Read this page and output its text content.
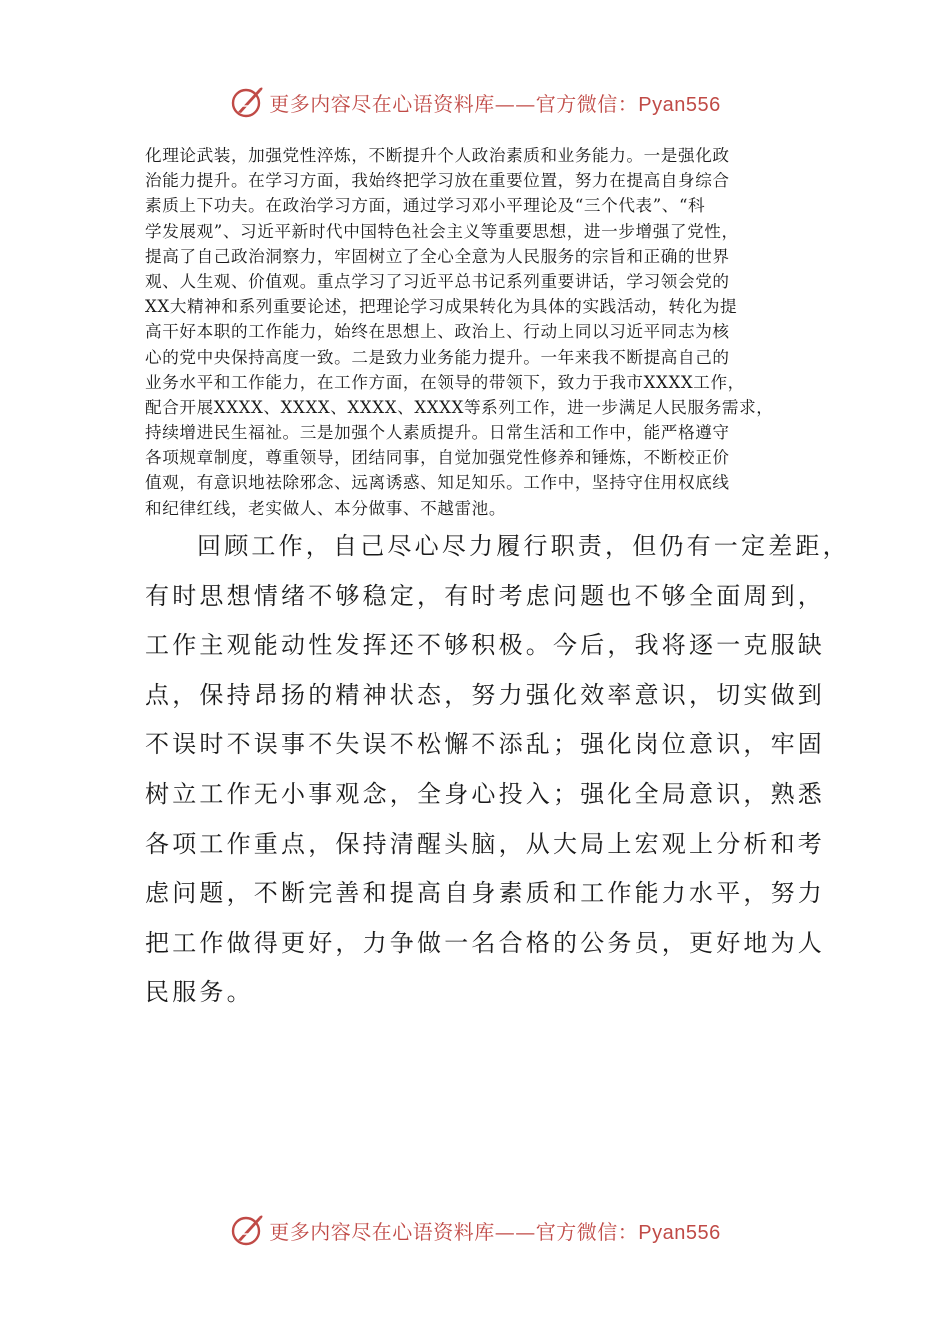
更多内容尽在心语资料库——官方微信：Pyan556
化理论武装，加强党性淬炼，不断提升个人政治素质和业务能力。一是强化政
治能力提升。在学习方面，我始终把学习放在重要位置，努力在提高自身综合
素质上下功夫。在政治学习方面，通过学习邓小平理论及“三个代表”、“科
学发展观”、习近平新时代中国特色社会主义等重要思想，进一步增强了党性，
提高了自己政治洞察力，牢固树立了全心全意为人民服务的宗旨和正确的世界
观、人生观、价值观。重点学习了习近平总书记系列重要讲话，学习领会党的
XX大精神和系列重要论述，把理论学习成果转化为具体的实践活动，转化为提
高干好本职的工作能力，始终在思想上、政治上、行动上同以习近平同志为核
心的党中央保持高度一致。二是致力业务能力提升。一年来我不断提高自己的
业务水平和工作能力，在工作方面，在领导的带领下，致力于我市XXXX工作，
配合开展XXXX、XXXX、XXXX、XXXX等系列工作，进一步满足人民服务需求，
持续增进民生福祉。三是加强个人素质提升。日常生活和工作中，能严格遵守
各项规章制度，尊重领导，团结同事，自觉加强党性修养和锤炼，不断校正价
值观，有意识地祛除邪念、远离诱惑、知足知乐。工作中，坚持守住用权底线
和纪律红线，老实做人、本分做事、不越雷池。
回顾工作，自己尽心尽力履行职责，但仍有一定差距，
有时思想情绪不够稳定，有时考虑问题也不够全面周到，
工作主观能动性发挥还不够积极。今后，我将逐一克服缺
点，保持昂扬的精神状态，努力强化效率意识，切实做到
不误时不误事不失误不松懈不添乱；强化岗位意识，牢固
树立工作无小事观念，全身心投入；强化全局意识，熟悉
各项工作重点，保持清醒头脑，从大局上宏观上分析和考
虑问题，不断完善和提高自身素质和工作能力水平，努力
把工作做得更好，力争做一名合格的公务员，更好地为人
民服务。
更多内容尽在心语资料库——官方微信：Pyan556
